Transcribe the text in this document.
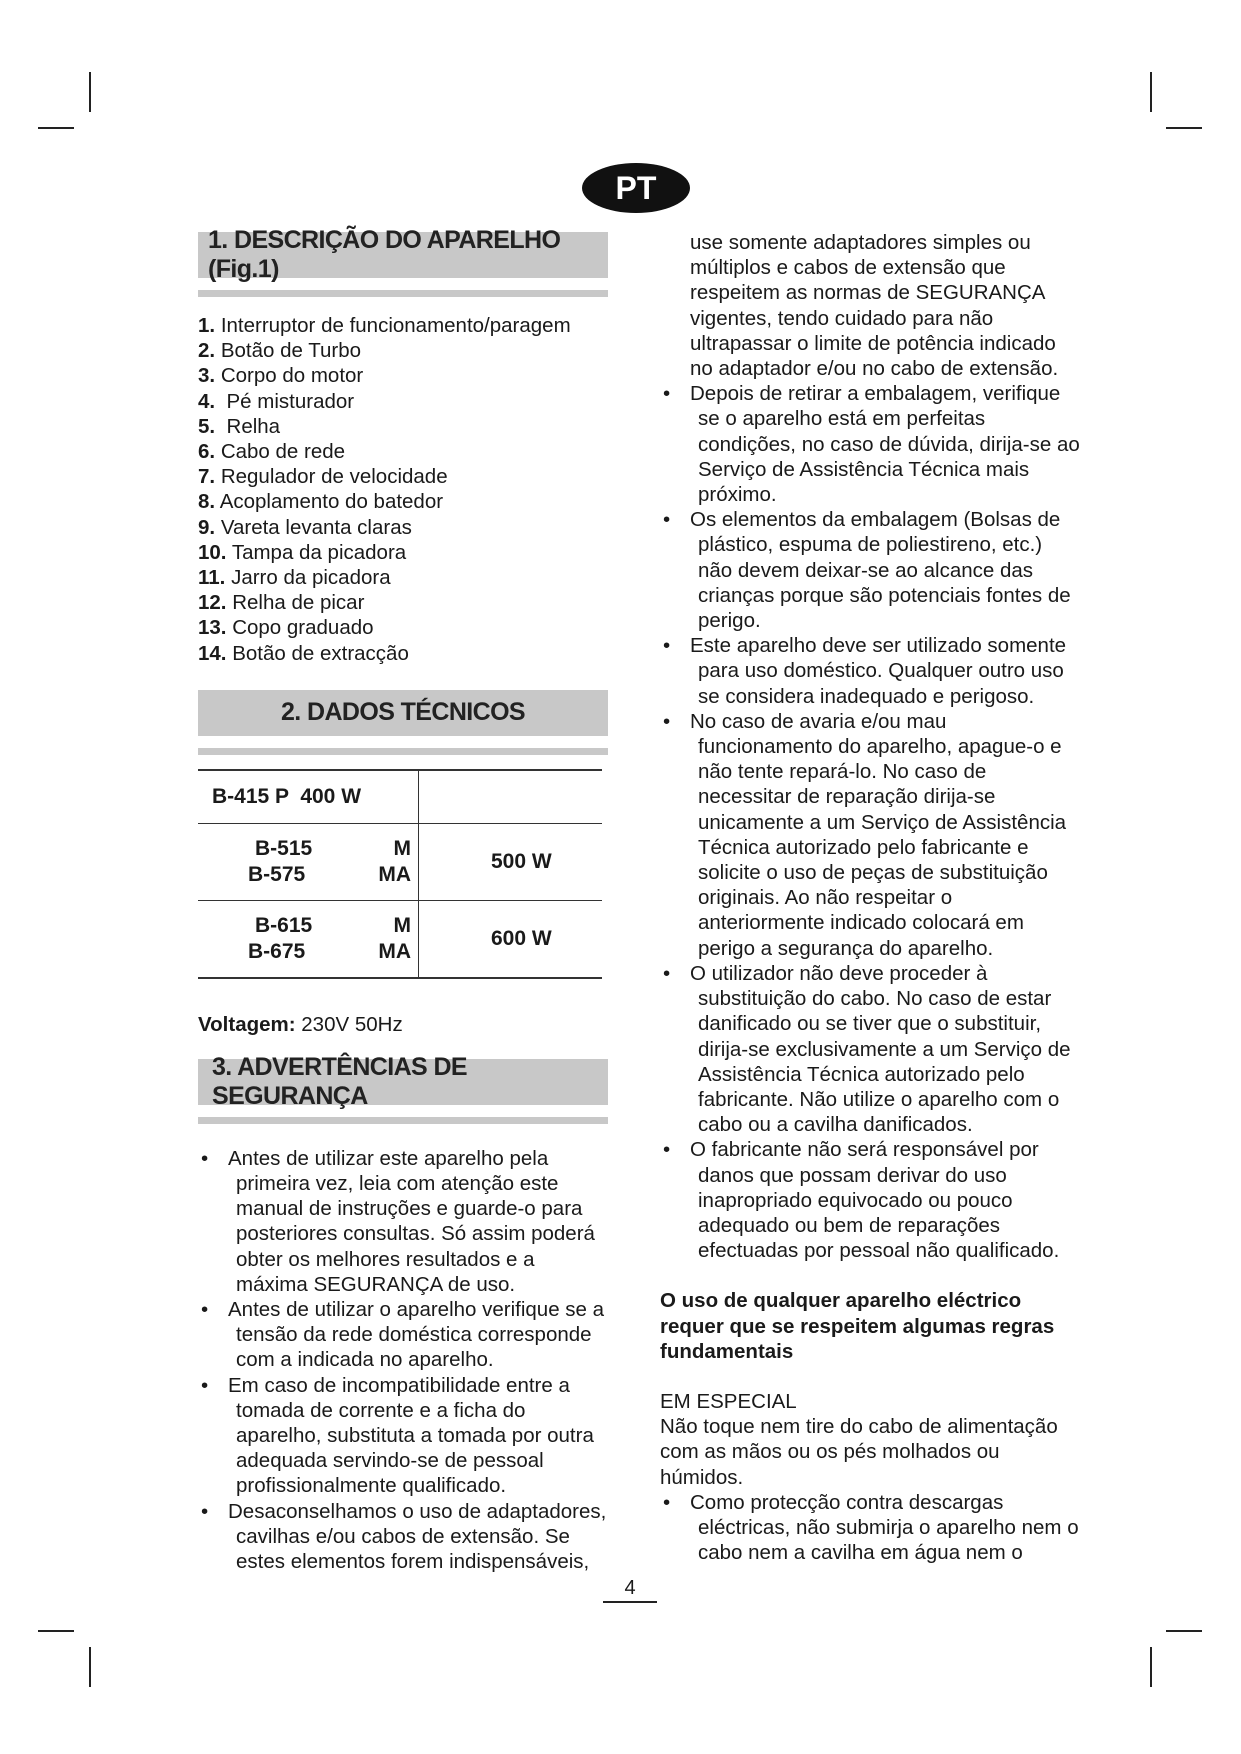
PT
1. DESCRIÇÃO DO APARELHO (Fig.1)
1. Interruptor de funcionamento/paragem
2. Botão de Turbo
3. Corpo do motor
4.  Pé misturador
5.  Relha
6. Cabo de rede
7. Regulador de velocidade
8. Acoplamento do batedor
9. Vareta levanta claras
10. Tampa da picadora
11. Jarro da picadora
12. Relha de picar
13. Copo graduado
14. Botão de extracção
2. DADOS TÉCNICOS
B-415 P  400 W	

B-515 M
B-575 MA	500 W

B-615 M
B-675 MA	600 W
Voltagem: 230V 50Hz
3. ADVERTÊNCIAS DE SEGURANÇA
• Antes de utilizar este aparelho pela primeira vez, leia com atenção este manual de instruções e guarde-o para posteriores consultas. Só assim poderá obter os melhores resultados e a máxima SEGURANÇA de uso.
• Antes de utilizar o aparelho verifique se a tensão da rede doméstica corresponde com a indicada no aparelho.
• Em caso de incompatibilidade entre a tomada de corrente e a ficha do aparelho, substituta a tomada por outra adequada servindo-se de pessoal profissionalmente qualificado.
• Desaconselhamos o uso de adaptadores, cavilhas e/ou cabos de extensão. Se estes elementos forem indispensáveis,
use somente adaptadores simples ou múltiplos e cabos de extensão que respeitem as normas de SEGURANÇA vigentes, tendo cuidado para não ultrapassar o limite de potência indicado no adaptador e/ou no cabo de extensão.
• Depois de retirar a embalagem, verifique se o aparelho está em perfeitas condições, no caso de dúvida, dirija-se ao Serviço de Assistência Técnica mais próximo.
• Os elementos da embalagem (Bolsas de plástico, espuma de poliestireno, etc.) não devem deixar-se ao alcance das crianças porque são potenciais fontes de perigo.
• Este aparelho deve ser utilizado somente para uso doméstico. Qualquer outro uso se considera inadequado e perigoso.
• No caso de avaria e/ou mau funcionamento do aparelho, apague-o e não tente repará-lo. No caso de necessitar de reparação dirija-se unicamente a um Serviço de Assistência Técnica autorizado pelo fabricante e solicite o uso de peças de substituição originais. Ao não respeitar o anteriormente indicado colocará em perigo a segurança do aparelho.
• O utilizador não deve proceder à substituição do cabo. No caso de estar danificado ou se tiver que o substituir, dirija-se exclusivamente a um Serviço de Assistência Técnica autorizado pelo fabricante. Não utilize o aparelho com o cabo ou a cavilha danificados.
• O fabricante não será responsável por danos que possam derivar do uso inapropriado equivocado ou pouco adequado ou bem de reparações efectuadas por pessoal não qualificado.
O uso de qualquer aparelho eléctrico requer que se respeitem algumas regras fundamentais
EM ESPECIAL
Não toque nem tire do cabo de alimentação com as mãos ou os pés molhados ou húmidos.
• Como protecção contra descargas eléctricas, não submirja o aparelho nem o cabo nem a cavilha em água nem o
4
